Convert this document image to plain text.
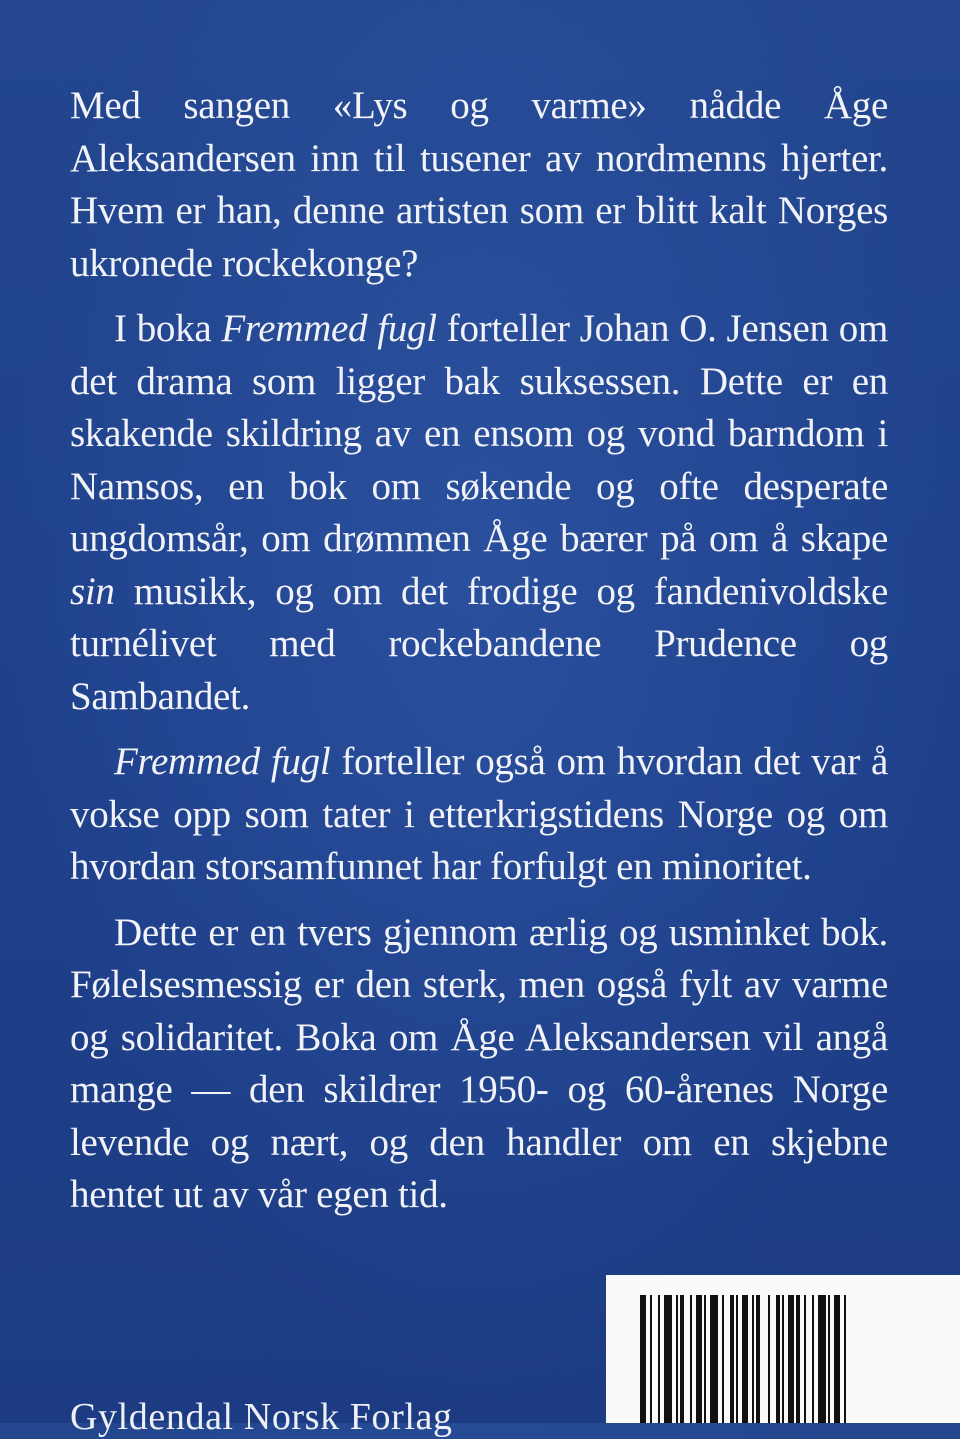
Med sangen «Lys og varme» nådde Åge Aleksandersen inn til tusener av nordmenns hjerter. Hvem er han, denne artisten som er blitt kalt Norges ukronede rockekonge?

I boka Fremmed fugl forteller Johan O. Jensen om det drama som ligger bak suksessen. Dette er en skakende skildring av en ensom og vond barndom i Namsos, en bok om søkende og ofte desperate ungdomsår, om drømmen Åge bærer på om å skape sin musikk, og om det frodige og fandenivoldske turnélivet med rockebandene Prudence og Sambandet.

Fremmed fugl forteller også om hvordan det var å vokse opp som tater i etterkrigstidens Norge og om hvordan storsamfunnet har forfulgt en minoritet.

Dette er en tvers gjennom ærlig og usminket bok. Følelsesmessig er den sterk, men også fylt av varme og solidaritet. Boka om Åge Aleksandersen vil angå mange — den skildrer 1950- og 60-årenes Norge levende og nært, og den handler om en skjebne hentet ut av vår egen tid.

Gyldendal Norsk Forlag
